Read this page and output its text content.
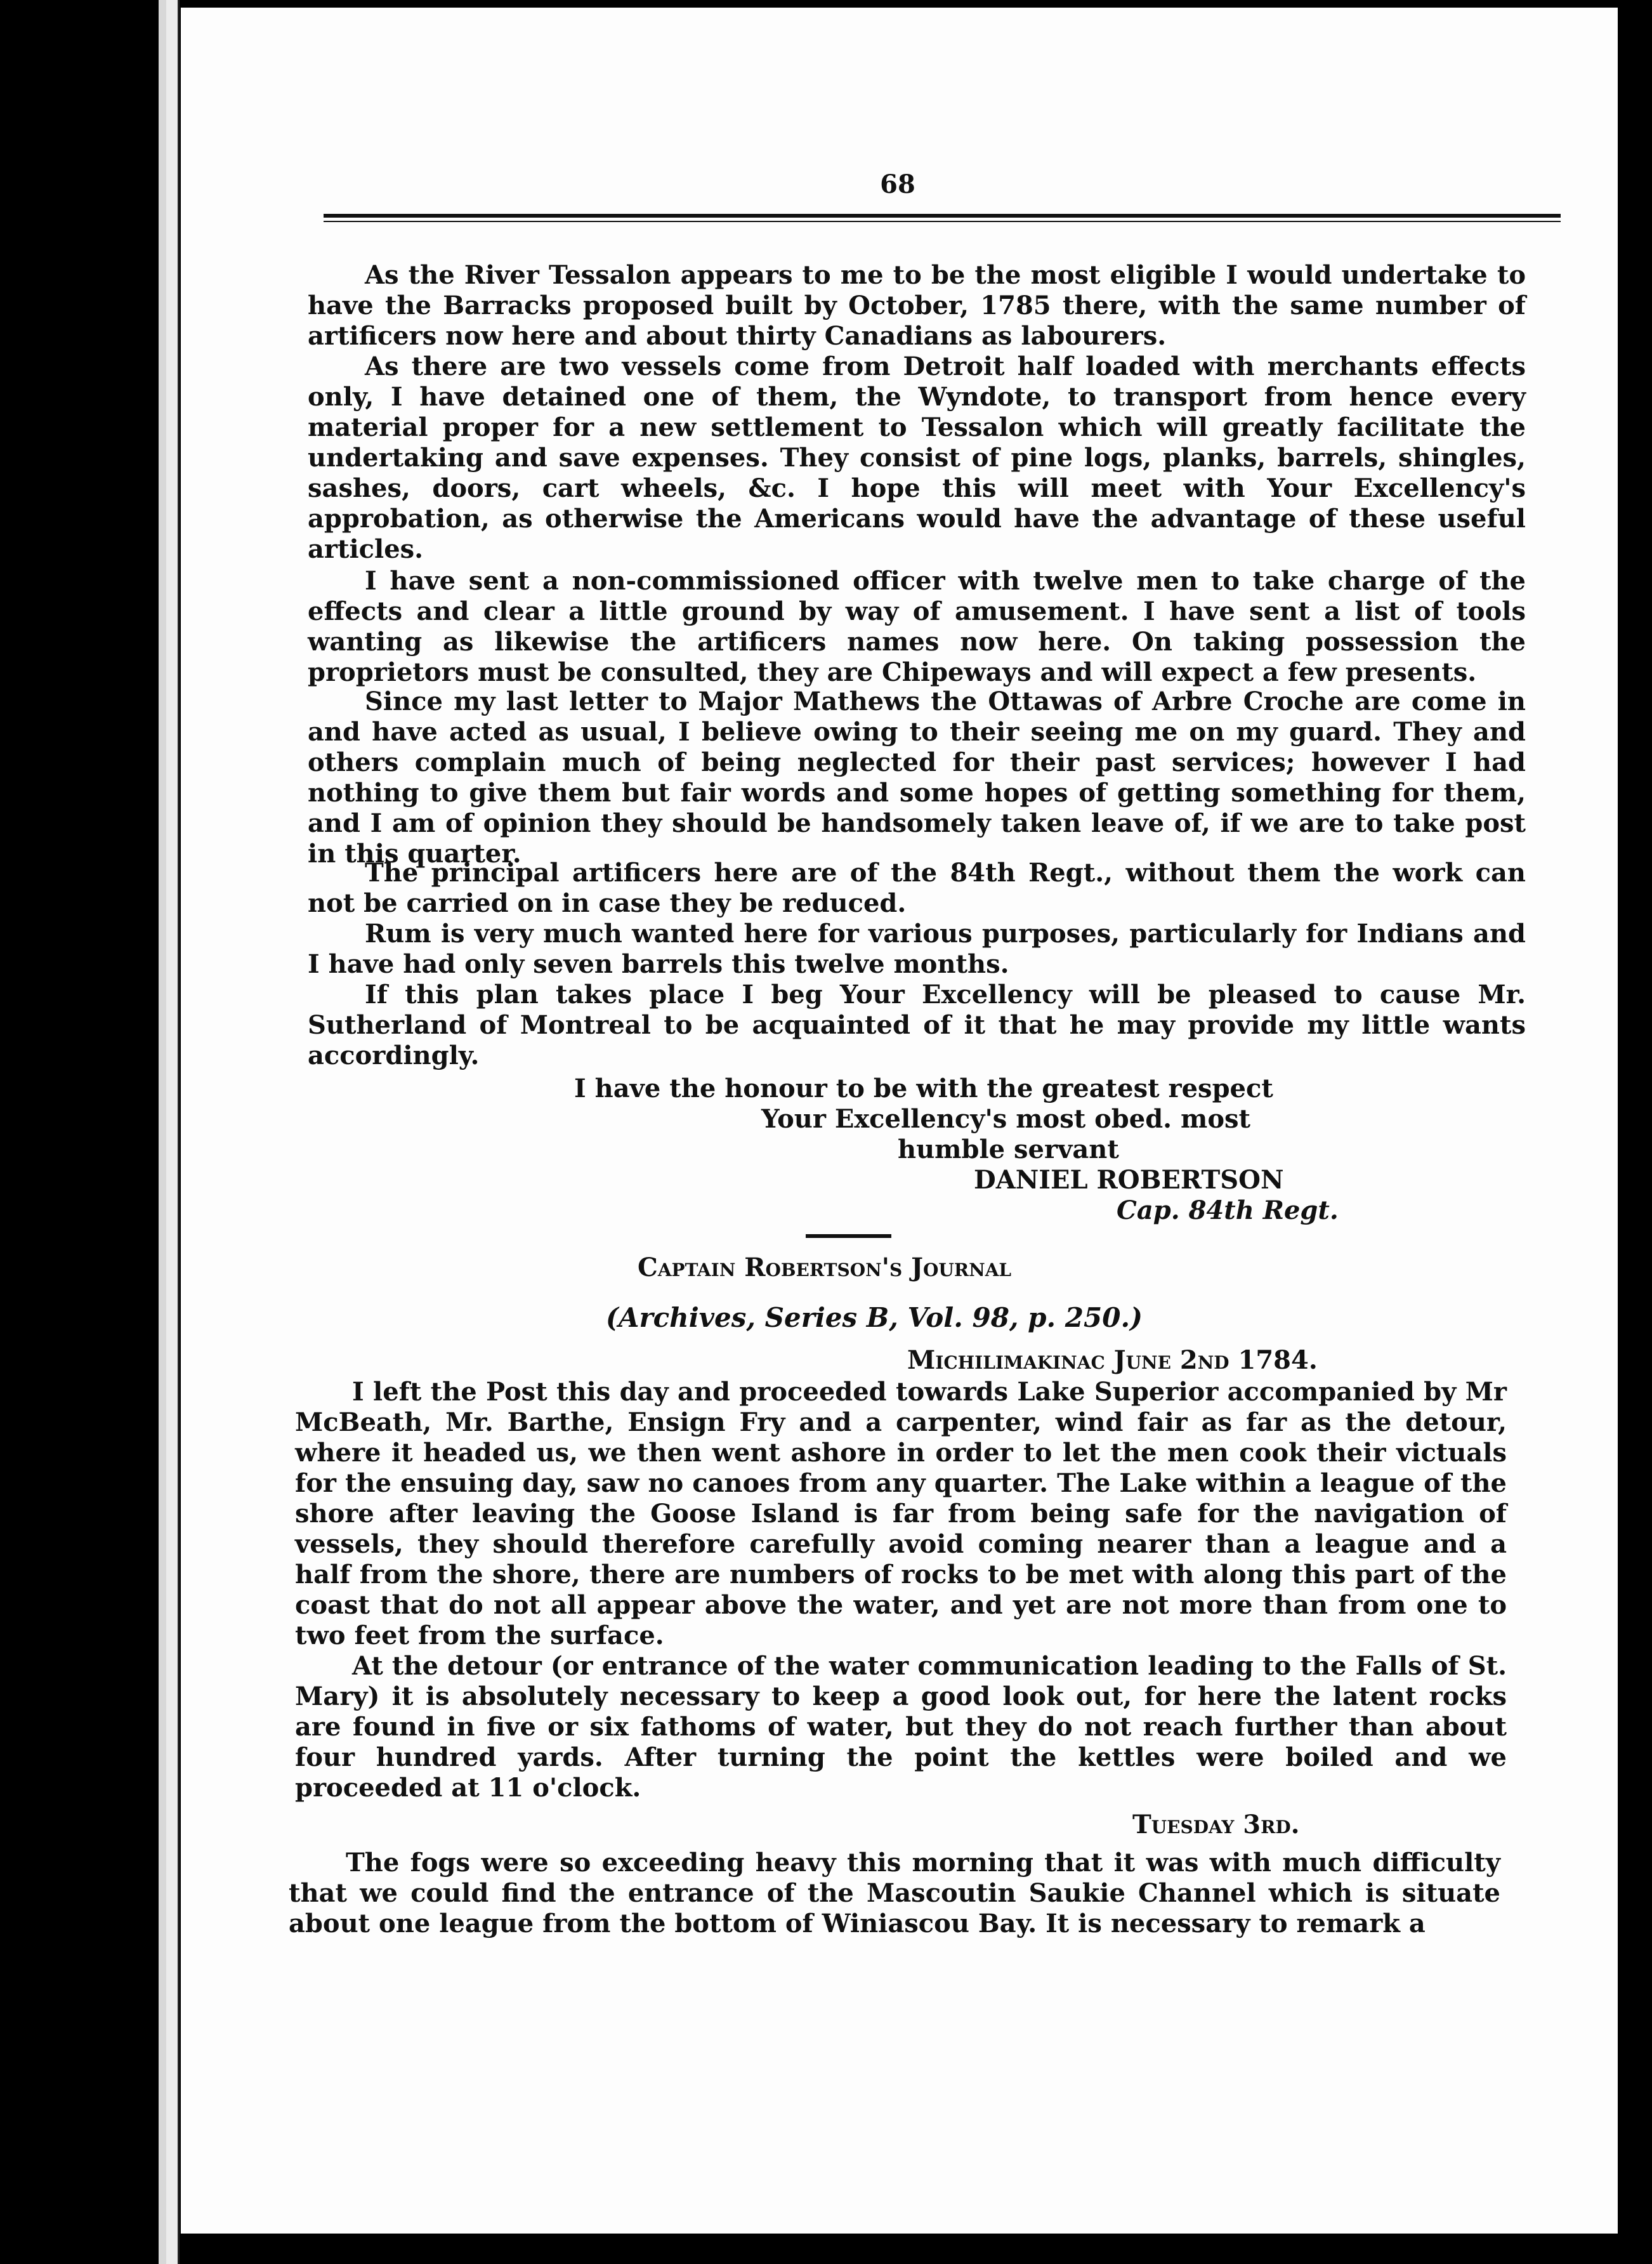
68

As the River Tessalon appears to me to be the most eligible I would undertake to have the Barracks proposed built by October, 1785 there, with the same number of artificers now here and about thirty Canadians as labourers.

As there are two vessels come from Detroit half loaded with merchants effects only, I have detained one of them, the Wyndote, to transport from hence every material proper for a new settlement to Tessalon which will greatly facilitate the undertaking and save expenses. They consist of pine logs, planks, barrels, shingles, sashes, doors, cart wheels, &c. I hope this will meet with Your Excellency's approbation, as otherwise the Americans would have the advantage of these useful articles.

I have sent a non-commissioned officer with twelve men to take charge of the effects and clear a little ground by way of amusement. I have sent a list of tools wanting as likewise the artificers names now here. On taking possession the proprietors must be consulted, they are Chipeways and will expect a few presents.

Since my last letter to Major Mathews the Ottawas of Arbre Croche are come in and have acted as usual, I believe owing to their seeing me on my guard. They and others complain much of being neglected for their past services; however I had nothing to give them but fair words and some hopes of getting something for them, and I am of opinion they should be handsomely taken leave of, if we are to take post in this quarter.

The principal artificers here are of the 84th Regt., without them the work can not be carried on in case they be reduced.

Rum is very much wanted here for various purposes, particularly for Indians and I have had only seven barrels this twelve months.

If this plan takes place I beg Your Excellency will be pleased to cause Mr. Sutherland of Montreal to be acquainted of it that he may provide my little wants accordingly.

I have the honour to be with the greatest respect
Your Excellency's most obed. most
humble servant
DANIEL ROBERTSON
Cap. 84th Regt.
Captain Robertson's Journal
(Archives, Series B, Vol. 98, p. 250.)
Michilimakinac June 2nd 1784.

I left the Post this day and proceeded towards Lake Superior accompanied by Mr McBeath, Mr. Barthe, Ensign Fry and a carpenter, wind fair as far as the detour, where it headed us, we then went ashore in order to let the men cook their victuals for the ensuing day, saw no canoes from any quarter. The Lake within a league of the shore after leaving the Goose Island is far from being safe for the navigation of vessels, they should therefore carefully avoid coming nearer than a league and a half from the shore, there are numbers of rocks to be met with along this part of the coast that do not all appear above the water, and yet are not more than from one to two feet from the surface.

At the detour (or entrance of the water communication leading to the Falls of St. Mary) it is absolutely necessary to keep a good look out, for here the latent rocks are found in five or six fathoms of water, but they do not reach further than about four hundred yards. After turning the point the kettles were boiled and we proceeded at 11 o'clock.

Tuesday 3rd.

The fogs were so exceeding heavy this morning that it was with much difficulty that we could find the entrance of the Mascoutin Saukie Channel which is situate about one league from the bottom of Winiascou Bay. It is necessary to remark a
